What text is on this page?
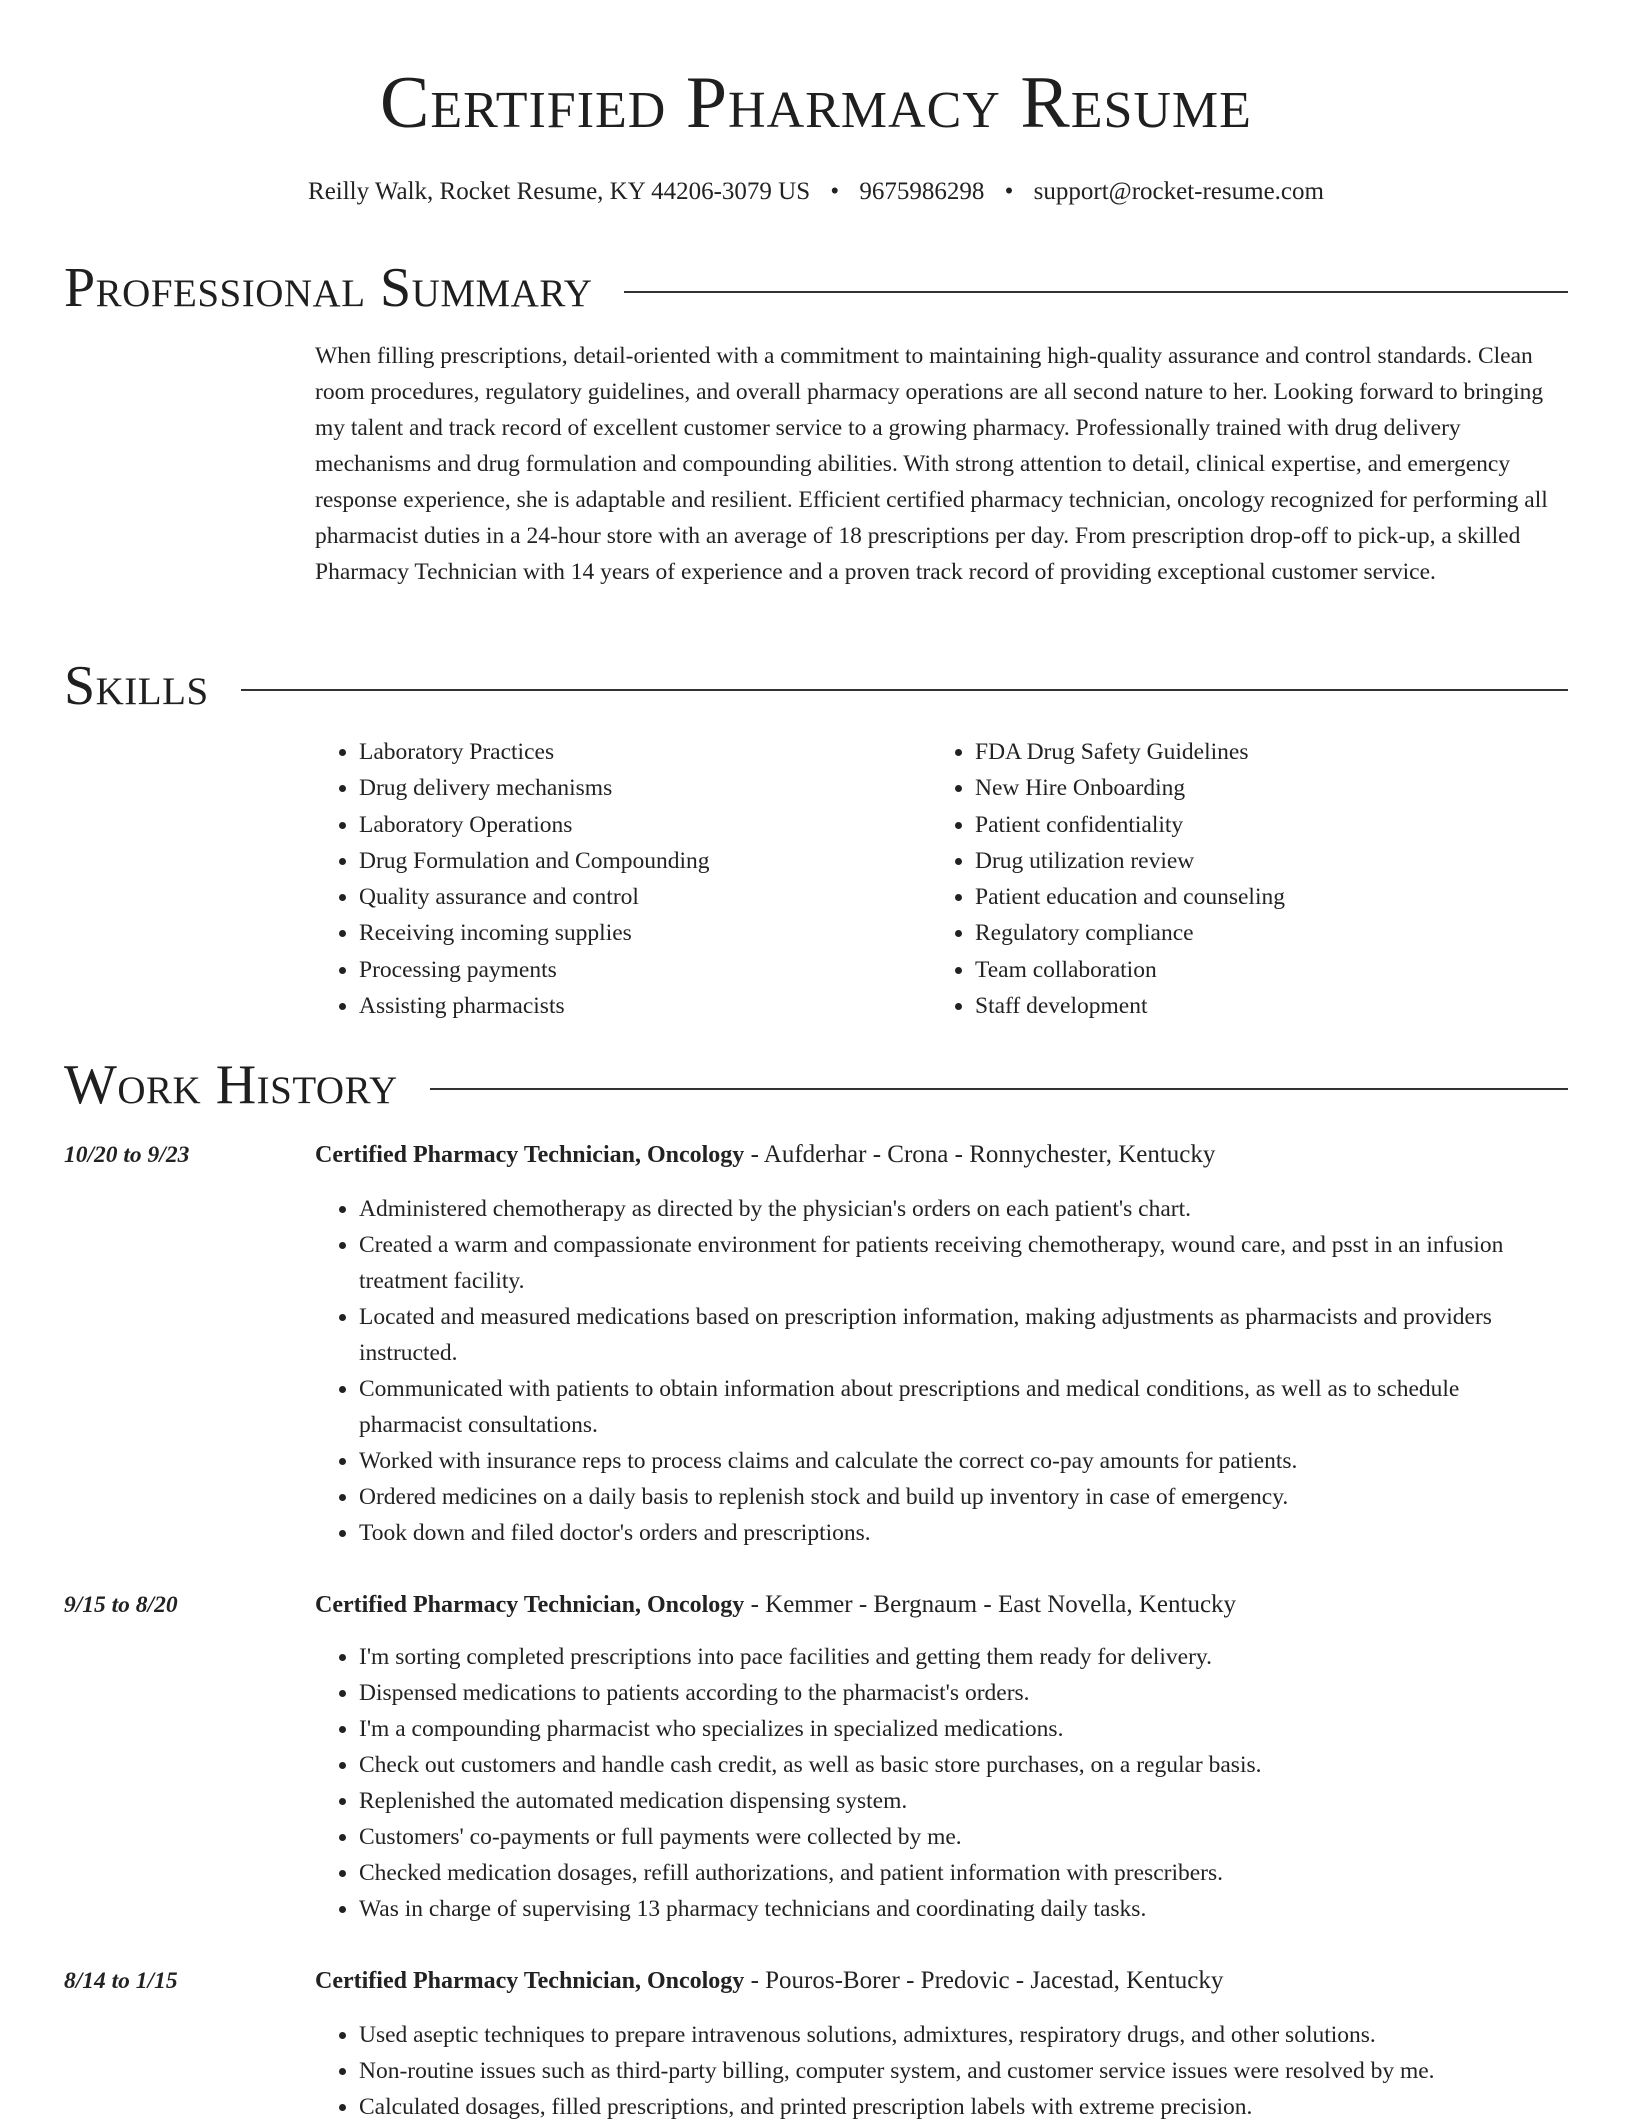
Certified Pharmacy Resume
Reilly Walk, Rocket Resume, KY 44206-3079 US • 9675986298 • support@rocket-resume.com
Professional Summary

When filling prescriptions, detail-oriented with a commitment to maintaining high-quality assurance and control standards. Clean room procedures, regulatory guidelines, and overall pharmacy operations are all second nature to her. Looking forward to bringing my talent and track record of excellent customer service to a growing pharmacy. Professionally trained with drug delivery mechanisms and drug formulation and compounding abilities. With strong attention to detail, clinical expertise, and emergency response experience, she is adaptable and resilient. Efficient certified pharmacy technician, oncology recognized for performing all pharmacist duties in a 24-hour store with an average of 18 prescriptions per day. From prescription drop-off to pick-up, a skilled Pharmacy Technician with 14 years of experience and a proven track record of providing exceptional customer service.

Skills
• Laboratory Practices
• Drug delivery mechanisms
• Laboratory Operations
• Drug Formulation and Compounding
• Quality assurance and control
• Receiving incoming supplies
• Processing payments
• Assisting pharmacists
• FDA Drug Safety Guidelines
• New Hire Onboarding
• Patient confidentiality
• Drug utilization review
• Patient education and counseling
• Regulatory compliance
• Team collaboration
• Staff development
Work History
10/20 to 9/23	Certified Pharmacy Technician, Oncology - Aufderhar - Crona - Ronnychester, Kentucky
• Administered chemotherapy as directed by the physician's orders on each patient's chart.
• Created a warm and compassionate environment for patients receiving chemotherapy, wound care, and psst in an infusion treatment facility.
• Located and measured medications based on prescription information, making adjustments as pharmacists and providers instructed.
• Communicated with patients to obtain information about prescriptions and medical conditions, as well as to schedule pharmacist consultations.
• Worked with insurance reps to process claims and calculate the correct co-pay amounts for patients.
• Ordered medicines on a daily basis to replenish stock and build up inventory in case of emergency.
• Took down and filed doctor's orders and prescriptions.
9/15 to 8/20	Certified Pharmacy Technician, Oncology - Kemmer - Bergnaum - East Novella, Kentucky
• I'm sorting completed prescriptions into pace facilities and getting them ready for delivery.
• Dispensed medications to patients according to the pharmacist's orders.
• I'm a compounding pharmacist who specializes in specialized medications.
• Check out customers and handle cash credit, as well as basic store purchases, on a regular basis.
• Replenished the automated medication dispensing system.
• Customers' co-payments or full payments were collected by me.
• Checked medication dosages, refill authorizations, and patient information with prescribers.
• Was in charge of supervising 13 pharmacy technicians and coordinating daily tasks.
8/14 to 1/15	Certified Pharmacy Technician, Oncology - Pouros-Borer - Predovic - Jacestad, Kentucky
• Used aseptic techniques to prepare intravenous solutions, admixtures, respiratory drugs, and other solutions.
• Non-routine issues such as third-party billing, computer system, and customer service issues were resolved by me.
• Calculated dosages, filled prescriptions, and printed prescription labels with extreme precision.
